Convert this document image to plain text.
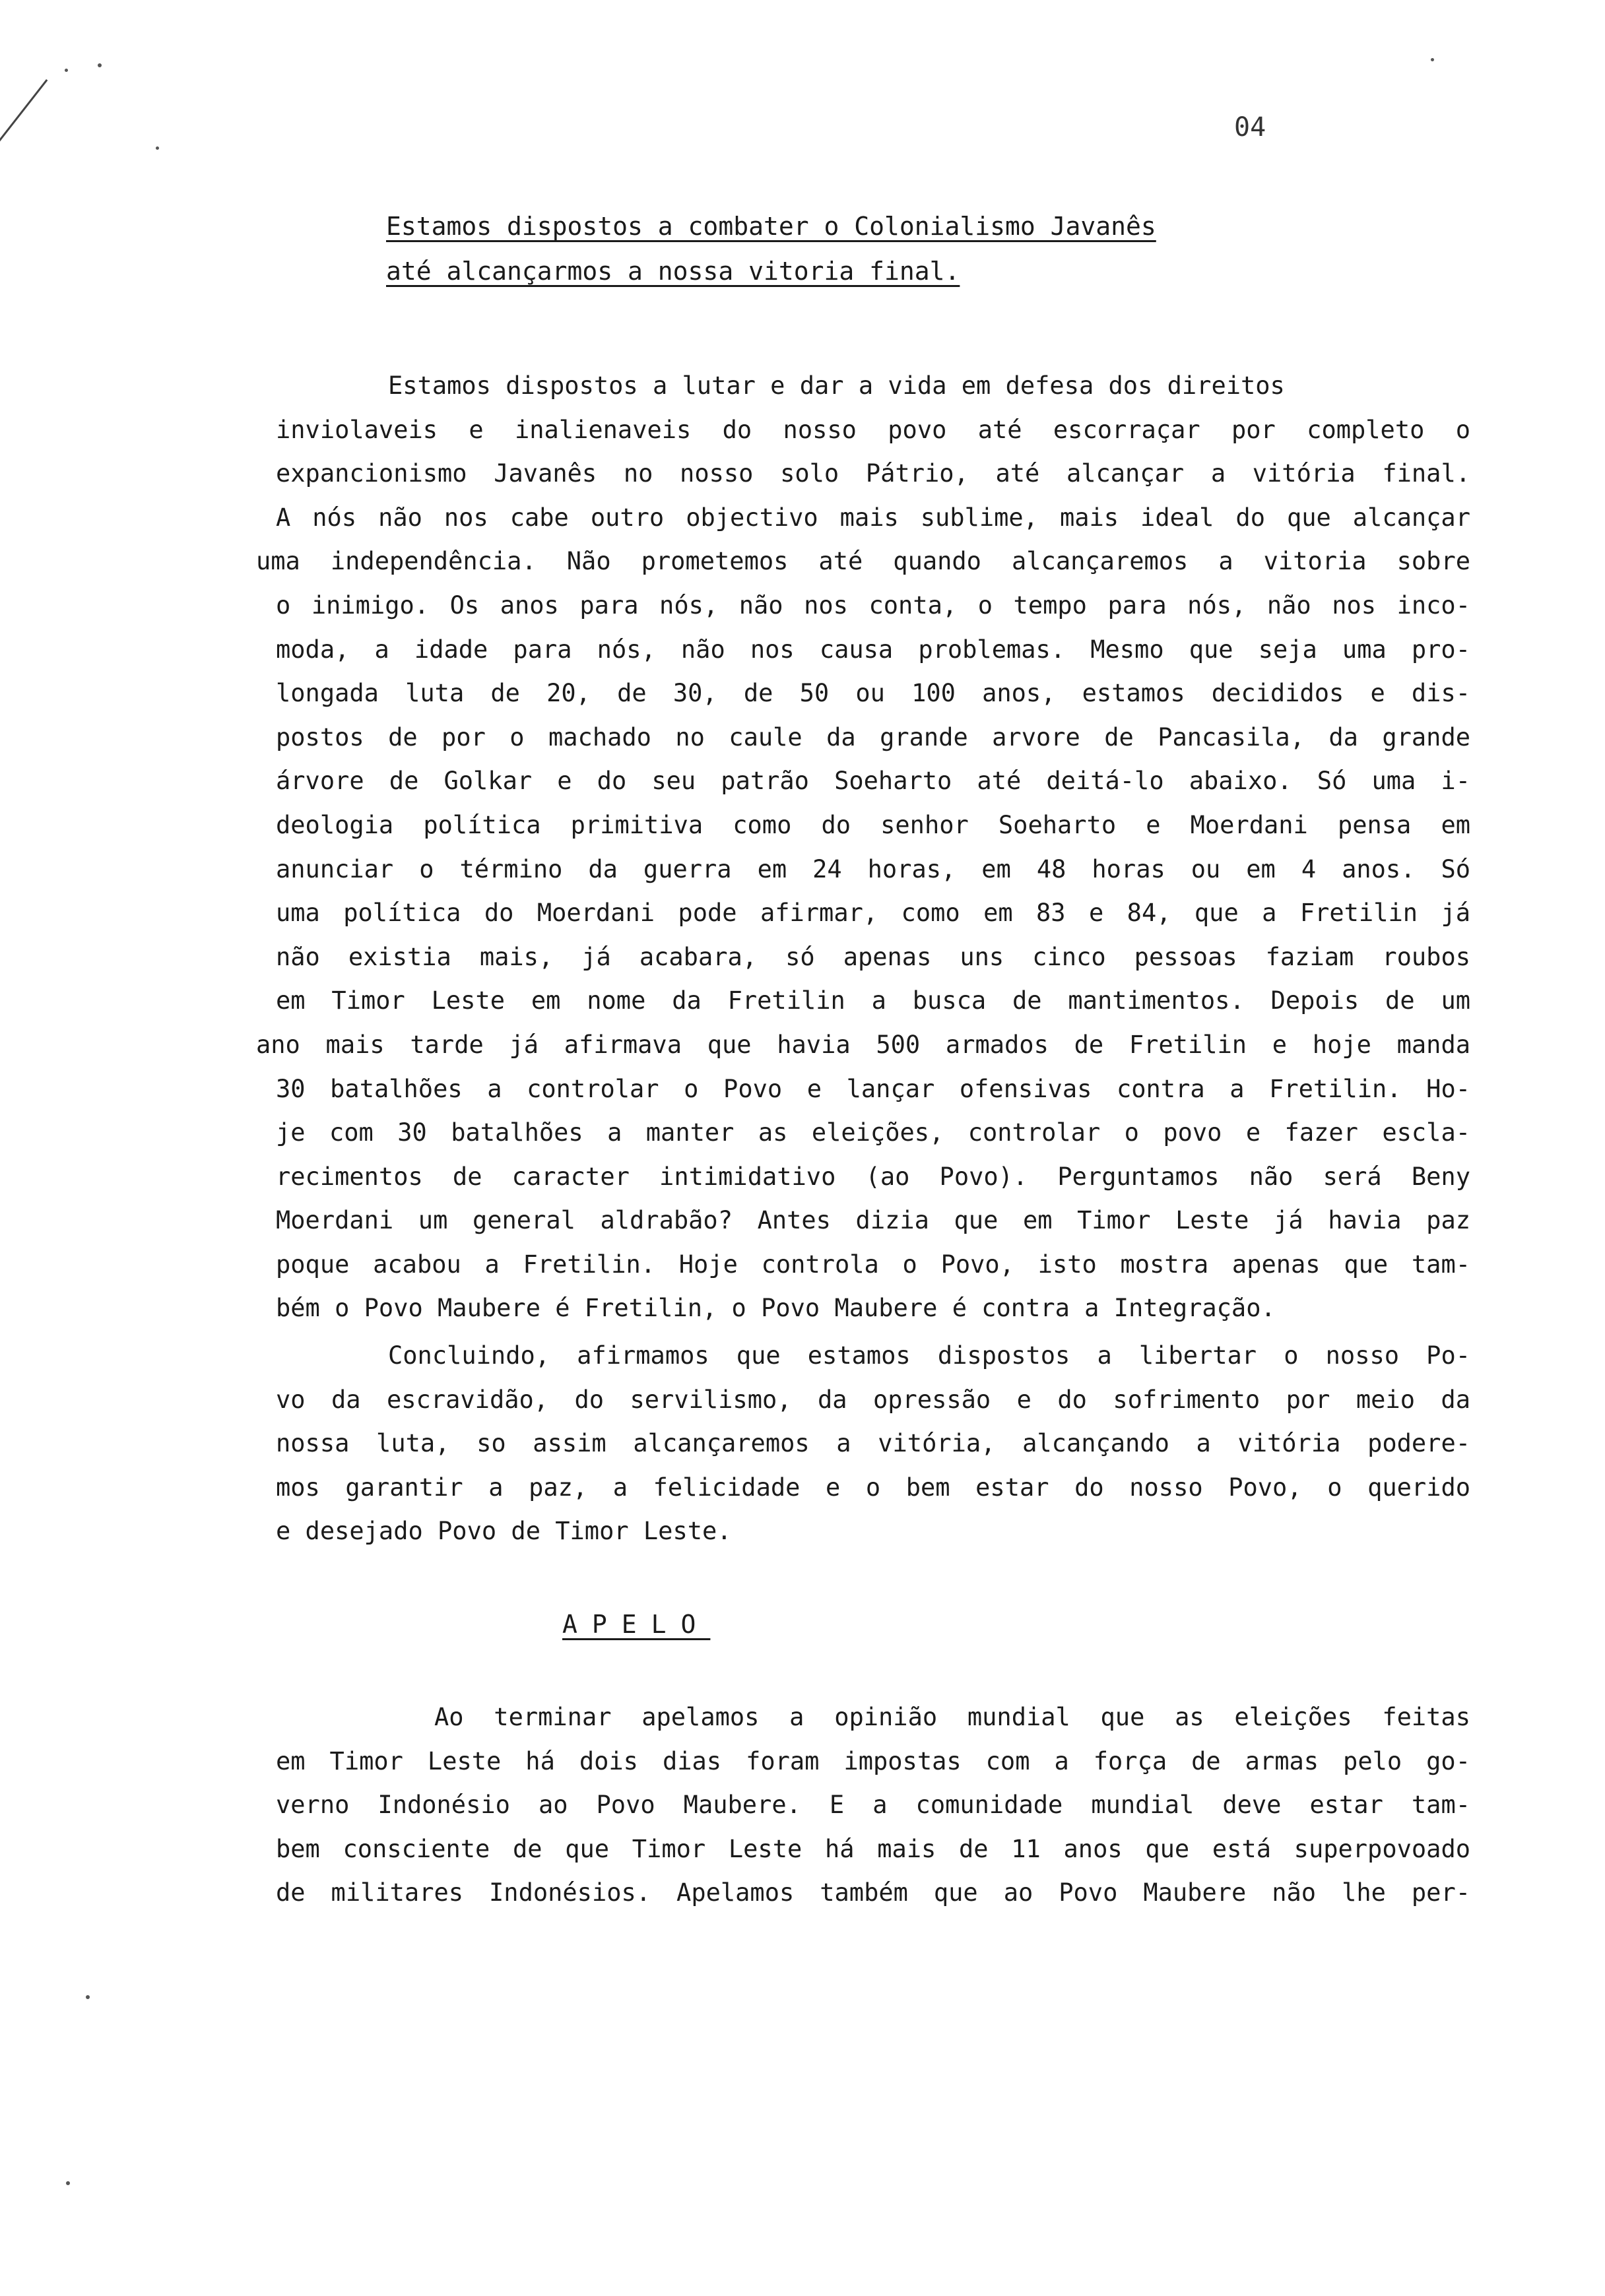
04
Estamos dispostos a combater o Colonialismo Javanês
até alcançarmos a nossa vitoria final.
Estamos dispostos a lutar e dar a vida em defesa dos direitos
inviolaveis e inalienaveis do nosso povo até escorraçar por completo o
expancionismo Javanês no nosso solo Pátrio, até alcançar a vitória final.
A nós não nos cabe outro objectivo mais sublime, mais ideal do que alcançar
uma independência. Não prometemos até quando alcançaremos a vitoria sobre
o inimigo. Os anos para nós, não nos conta, o tempo para nós, não nos inco-
moda, a idade para nós, não nos causa problemas. Mesmo que seja uma pro-
longada luta de 20, de 30, de 50 ou 100 anos, estamos decididos e dis-
postos de por o machado no caule da grande arvore de Pancasila, da grande
árvore de Golkar e do seu patrão Soeharto até deitá-lo abaixo. Só uma i-
deologia política primitiva como do senhor Soeharto e Moerdani pensa em
anunciar o término da guerra em 24 horas, em 48 horas ou em 4 anos. Só
uma política do Moerdani pode afirmar, como em 83 e 84, que a Fretilin já
não existia mais, já acabara, só apenas uns cinco pessoas faziam roubos
em Timor Leste em nome da Fretilin a busca de mantimentos. Depois de um
ano mais tarde já afirmava que havia 500 armados de Fretilin e hoje manda
30 batalhões a controlar o Povo e lançar ofensivas contra a Fretilin. Ho-
je com 30 batalhões a manter as eleições, controlar o povo e fazer escla-
recimentos de caracter intimidativo (ao Povo). Perguntamos não será Beny
Moerdani um general aldrabão? Antes dizia que em Timor Leste já havia paz
poque acabou a Fretilin. Hoje controla o Povo, isto mostra apenas que tam-
bém o Povo Maubere é Fretilin, o Povo Maubere é contra a Integração.
Concluindo, afirmamos que estamos dispostos a libertar o nosso Po-
vo da escravidão, do servilismo, da opressão e do sofrimento por meio da
nossa luta, so assim alcançaremos a vitória, alcançando a vitória podere-
mos garantir a paz, a felicidade e o bem estar do nosso Povo, o querido
e desejado Povo de Timor Leste.
APELO
Ao terminar apelamos a opinião mundial que as eleições feitas
em Timor Leste há dois dias foram impostas com a força de armas pelo go-
verno Indonésio ao Povo Maubere. E a comunidade mundial deve estar tam-
bem consciente de que Timor Leste há mais de 11 anos que está superpovoado
de militares Indonésios. Apelamos também que ao Povo Maubere não lhe per-
